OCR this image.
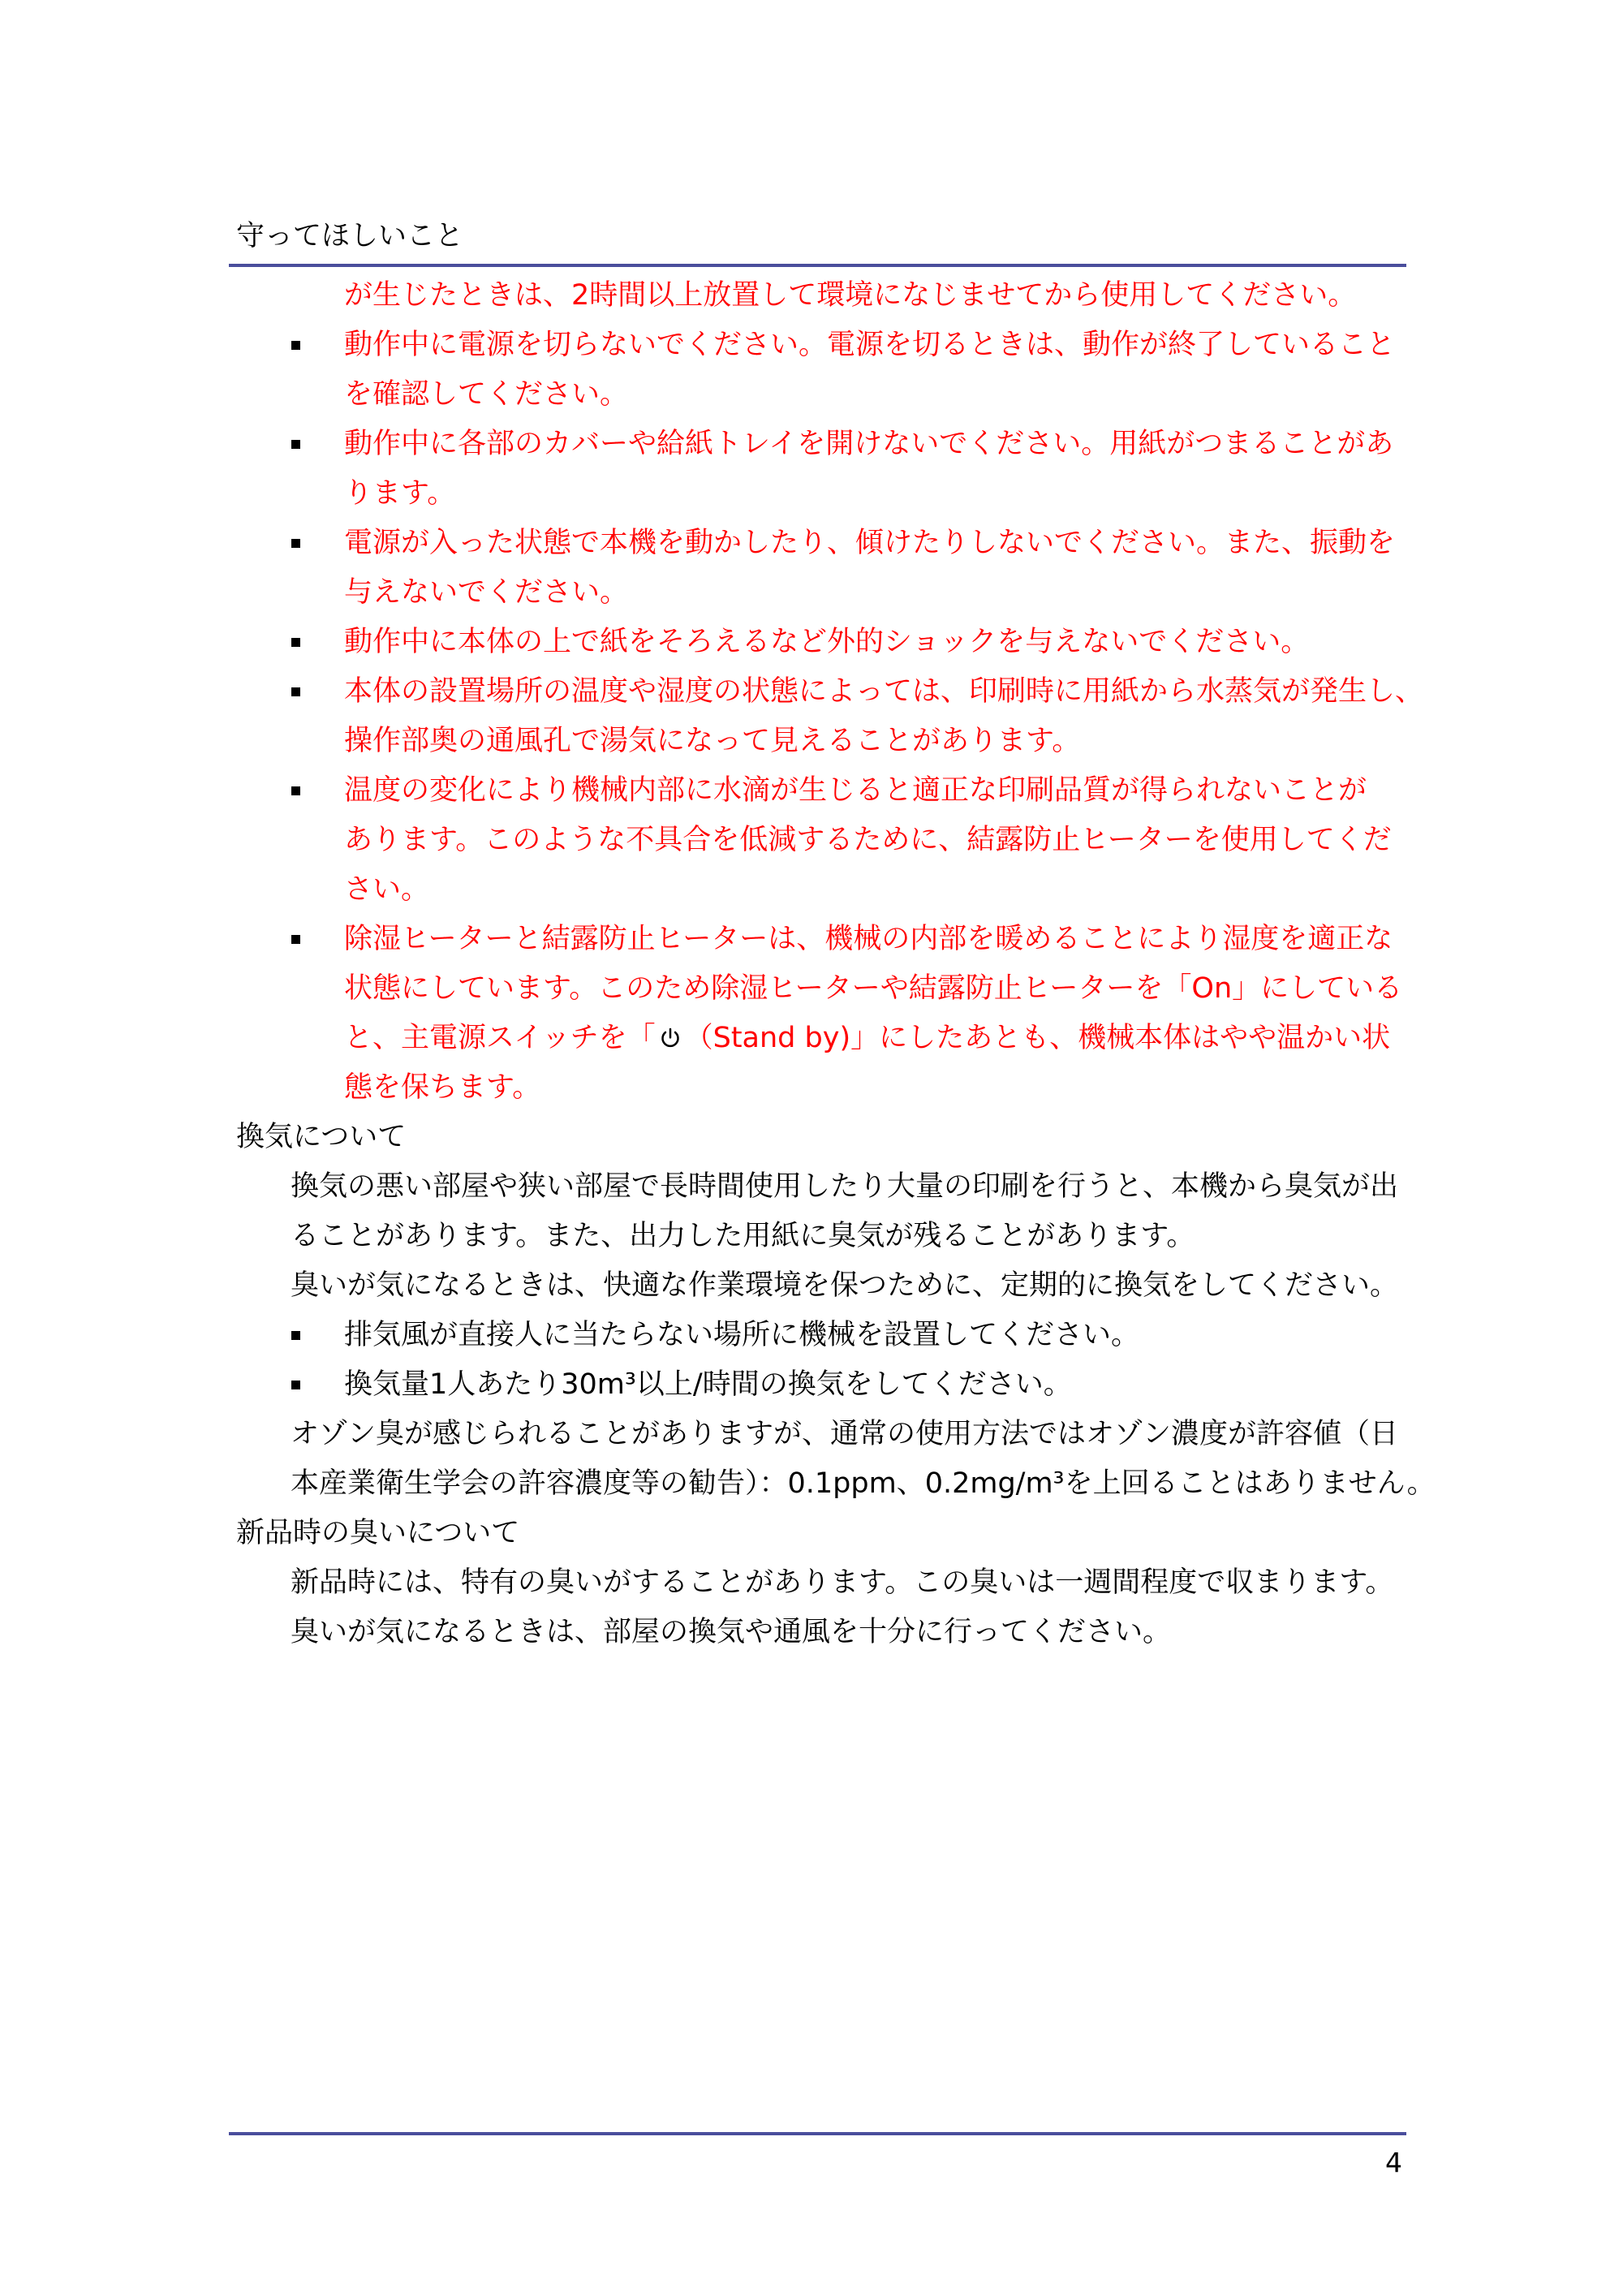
守ってほしいこと
が生じたときは、2時間以上放置して環境になじませてから使用してください。
動作中に電源を切らないでください。電源を切るときは、動作が終了していること
を確認してください。
動作中に各部のカバーや給紙トレイを開けないでください。用紙がつまることがあ
ります。
電源が入った状態で本機を動かしたり、傾けたりしないでください。また、振動を
与えないでください。
動作中に本体の上で紙をそろえるなど外的ショックを与えないでください。
本体の設置場所の温度や湿度の状態によっては、印刷時に用紙から水蒸気が発生し、
操作部奥の通風孔で湯気になって見えることがあります。
温度の変化により機械内部に水滴が生じると適正な印刷品質が得られないことが
あります。このような不具合を低減するために、結露防止ヒーターを使用してくだ
さい。
除湿ヒーターと結露防止ヒーターは、機械の内部を暖めることにより湿度を適正な
状態にしています。このため除湿ヒーターや結露防止ヒーターを「On」にしている
と、主電源スイッチを「 （Stand by)」にしたあとも、機械本体はやや温かい状
態を保ちます。
換気について
換気の悪い部屋や狭い部屋で長時間使用したり大量の印刷を行うと、本機から臭気が出
ることがあります。また、出力した用紙に臭気が残ることがあります。
臭いが気になるときは、快適な作業環境を保つために、定期的に換気をしてください。
排気風が直接人に当たらない場所に機械を設置してください。
換気量1人あたり30m³以上/時間の換気をしてください。
オゾン臭が感じられることがありますが、通常の使用方法ではオゾン濃度が許容値（日
本産業衛生学会の許容濃度等の勧告）：0.1ppm、0.2mg/m³を上回ることはありません。
新品時の臭いについて
新品時には、特有の臭いがすることがあります。この臭いは一週間程度で収まります。
臭いが気になるときは、部屋の換気や通風を十分に行ってください。
4
